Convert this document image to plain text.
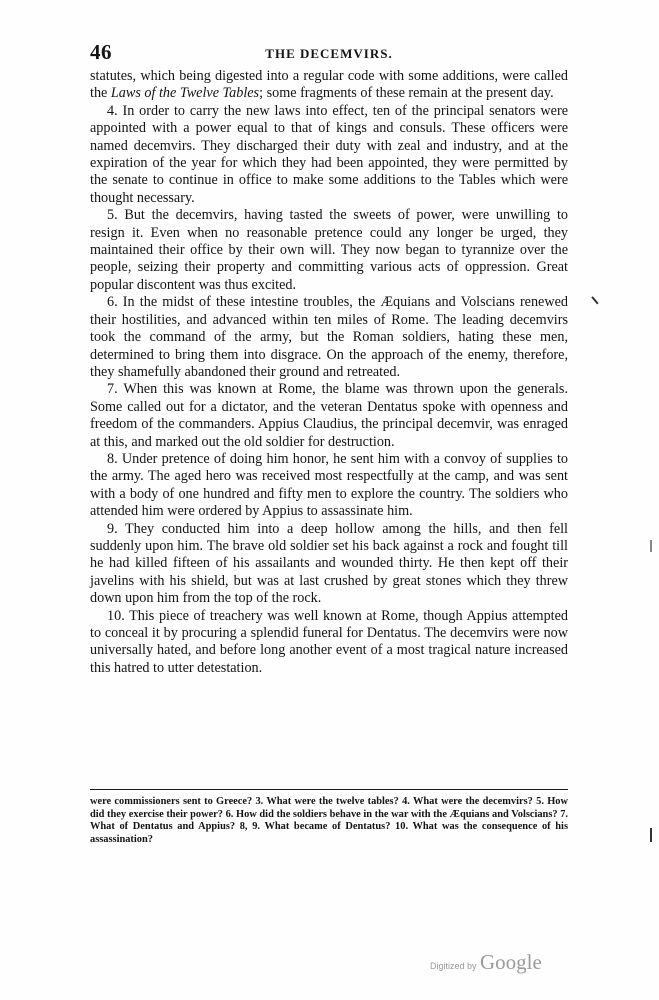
46	THE DECEMVIRS.

statutes, which being digested into a regular code with some additions, were called the Laws of the Twelve Tables; some fragments of these remain at the present day.

4. In order to carry the new laws into effect, ten of the principal senators were appointed with a power equal to that of kings and consuls. These officers were named decemvirs. They discharged their duty with zeal and industry, and at the expiration of the year for which they had been appointed, they were permitted by the senate to continue in office to make some additions to the Tables which were thought necessary.

5. But the decemvirs, having tasted the sweets of power, were unwilling to resign it. Even when no reasonable pretence could any longer be urged, they maintained their office by their own will. They now began to tyrannize over the people, seizing their property and committing various acts of oppression. Great popular discontent was thus excited.

6. In the midst of these intestine troubles, the Æquians and Volscians renewed their hostilities, and advanced within ten miles of Rome. The leading decemvirs took the command of the army, but the Roman soldiers, hating these men, determined to bring them into disgrace. On the approach of the enemy, therefore, they shamefully abandoned their ground and retreated.

7. When this was known at Rome, the blame was thrown upon the generals. Some called out for a dictator, and the veteran Dentatus spoke with openness and freedom of the commanders. Appius Claudius, the principal decemvir, was enraged at this, and marked out the old soldier for destruction.

8. Under pretence of doing him honor, he sent him with a convoy of supplies to the army. The aged hero was received most respectfully at the camp, and was sent with a body of one hundred and fifty men to explore the country. The soldiers who attended him were ordered by Appius to assassinate him.

9. They conducted him into a deep hollow among the hills, and then fell suddenly upon him. The brave old soldier set his back against a rock and fought till he had killed fifteen of his assailants and wounded thirty. He then kept off their javelins with his shield, but was at last crushed by great stones which they threw down upon him from the top of the rock.

10. This piece of treachery was well known at Rome, though Appius attempted to conceal it by procuring a splendid funeral for Dentatus. The decemvirs were now universally hated, and before long another event of a most tragical nature increased this hatred to utter detestation.

were commissioners sent to Greece? 3. What were the twelve tables? 4. What were the decemvirs? 5. How did they exercise their power? 6. How did the soldiers behave in the war with the Æquians and Volscians? 7. What of Dentatus and Appius? 8, 9. What became of Dentatus? 10. What was the consequence of his assassination?

Digitized by Google
